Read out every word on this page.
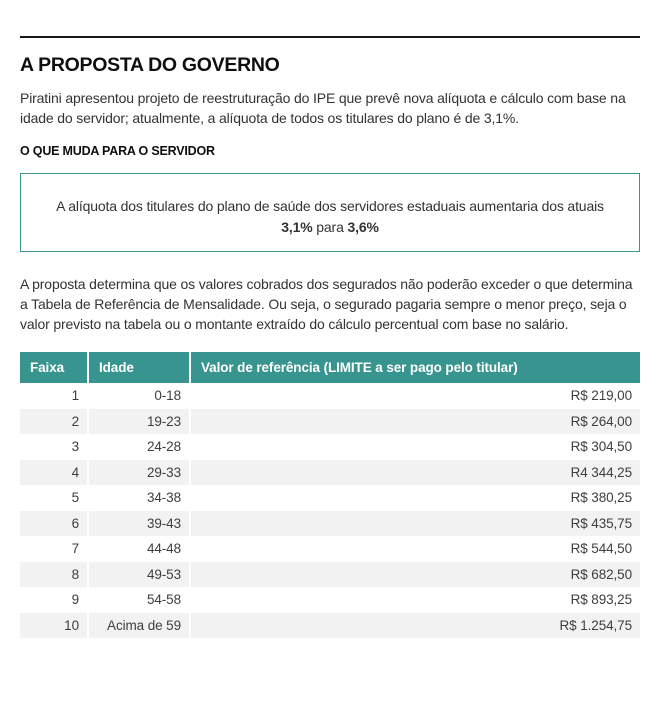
A PROPOSTA DO GOVERNO

Piratini apresentou projeto de reestruturação do IPE que prevê nova alíquota e cálculo com base na idade do servidor; atualmente, a alíquota de todos os titulares do plano é de 3,1%.

O QUE MUDA PARA O SERVIDOR
A alíquota dos titulares do plano de saúde dos servidores estaduais aumentaria dos atuais
3,1% para 3,6%

A proposta determina que os valores cobrados dos segurados não poderão exceder o que determina a Tabela de Referência de Mensalidade. Ou seja, o segurado pagaria sempre o menor preço, seja o valor previsto na tabela ou o montante extraído do cálculo percentual com base no salário.

Faixa	Idade	Valor de referência (LIMITE a ser pago pelo titular)
1	0-18	R$ 219,00
2	19-23	R$ 264,00
3	24-28	R$ 304,50
4	29-33	R4 344,25
5	34-38	R$ 380,25
6	39-43	R$ 435,75
7	44-48	R$ 544,50
8	49-53	R$ 682,50
9	54-58	R$ 893,25
10	Acima de 59	R$ 1.254,75
